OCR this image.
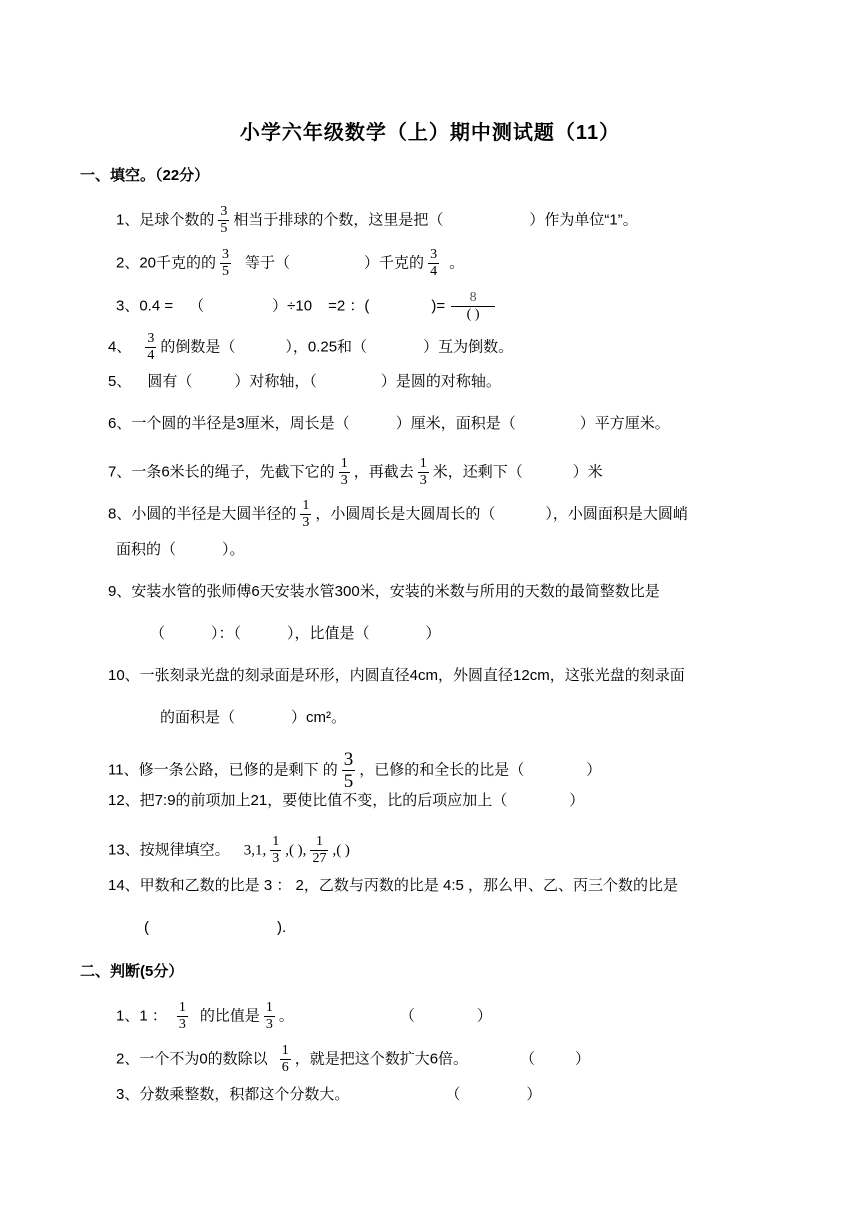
小学六年级数学（上）期中测试题（11）
一、填空。（22分）
1、足球个数的 $\frac{3}{5}$ 相当于排球的个数，这里是把（	）作为单位“1”。
2、20千克的的 $\frac{3}{5}$ 等于（	）千克的 $\frac{3}{4}$ 。
3、0.4 = （	）÷10 =2 ：(	)= $\frac{8}{( )}$
4、 $\frac{3}{4}$ 的倒数是（	），0.25和（	）互为倒数。
5、 圆有（	）对称轴，（	）是圆的对称轴。
6、一个圆的半径是3厘米，周长是（	）厘米，面积是（	）平方厘米。
7、一条6米长的绳子，先截下它的 $\frac{1}{3}$ ，再截去 $\frac{1}{3}$ 米，还剩下（	）米
8、小圆的半径是大圆半径的 $\frac{1}{3}$ ，小圆周长是大圆周长的（	），小圆面积是大圆峭
面积的（	）。
9、安装水管的张师傅6天安装水管300米，安装的米数与所用的天数的最简整数比是
（	）：（	），比值是（	）
10、一张刻录光盘的刻录面是环形，内圆直径4cm，外圆直径12cm，这张光盘的刻录面
的面积是（	）cm²。
11、修一条公路，已修的是剩下 的 $\frac{3}{5}$ ，已修的和全长的比是（	）
12、把7:9的前项加上21，要使比值不变，比的后项应加上（	）
13、按规律填空。 3,1, $\frac{1}{3}$ ,( ), $\frac{1}{27}$ ,( )
14、甲数和乙数的比是 3 ： 2，乙数与丙数的比是 4:5 ，那么甲、乙、丙三个数的比是
(	).
二、判断(5分）
1、1 ： $\frac{1}{3}$ 的比值是 $\frac{1}{3}$ 。	（	）
2、一个不为0的数除以 $\frac{1}{6}$ ，就是把这个数扩大6倍。	（	）
3、分数乘整数，积都这个分数大。	（	）
